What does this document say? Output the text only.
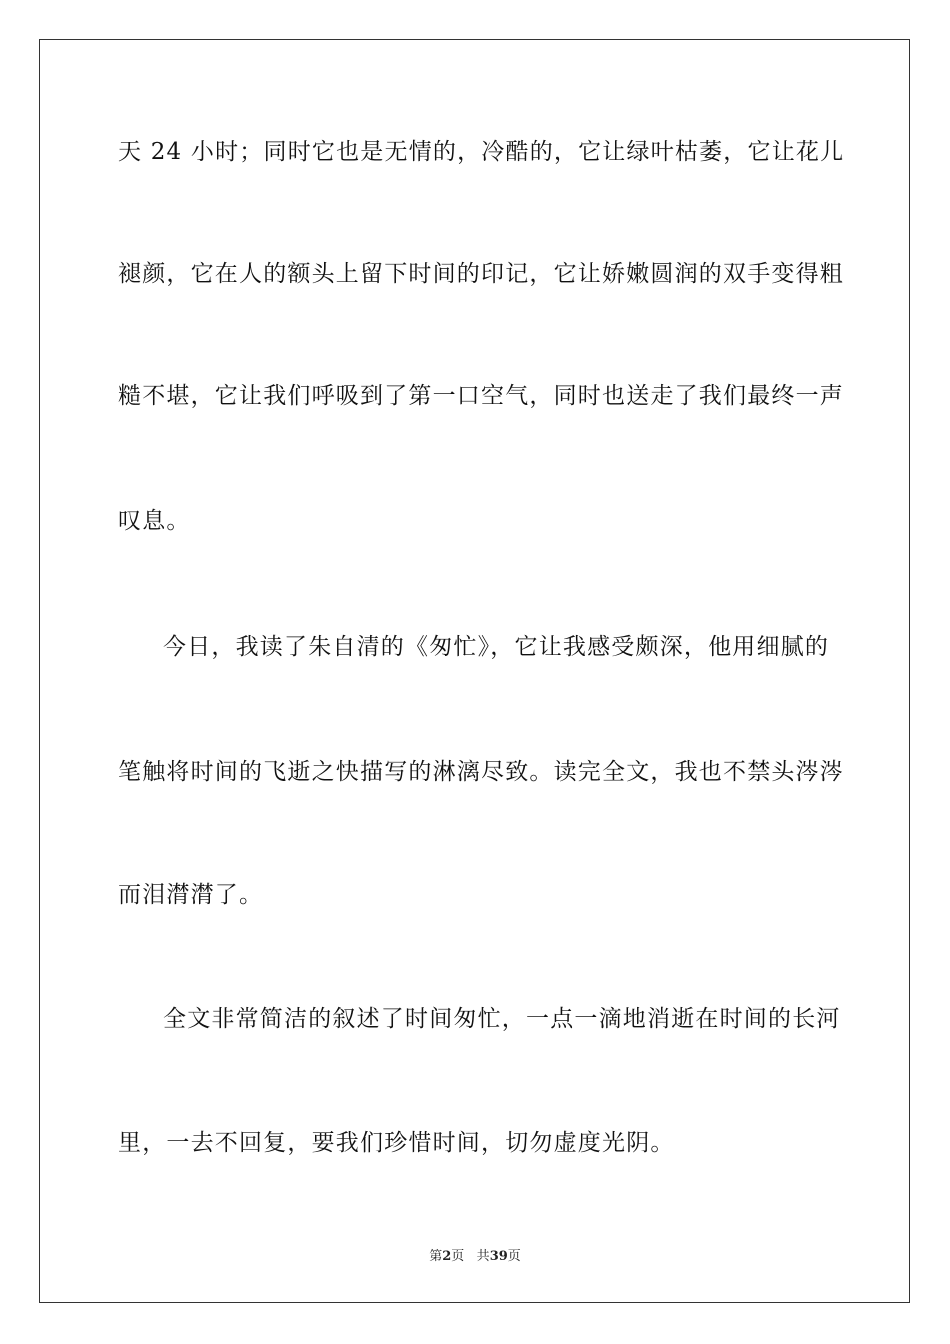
天 24 小时；同时它也是无情的，冷酷的，它让绿叶枯萎，它让花儿
褪颜，它在人的额头上留下时间的印记，它让娇嫩圆润的双手变得粗
糙不堪，它让我们呼吸到了第一口空气，同时也送走了我们最终一声
叹息。
今日，我读了朱自清的《匆忙》，它让我感受颇深，他用细腻的
笔触将时间的飞逝之快描写的淋漓尽致。读完全文，我也不禁头涔涔
而泪潸潸了。
全文非常简洁的叙述了时间匆忙，一点一滴地消逝在时间的长河
里，一去不回复，要我们珍惜时间，切勿虚度光阴。
第2页 共39页
